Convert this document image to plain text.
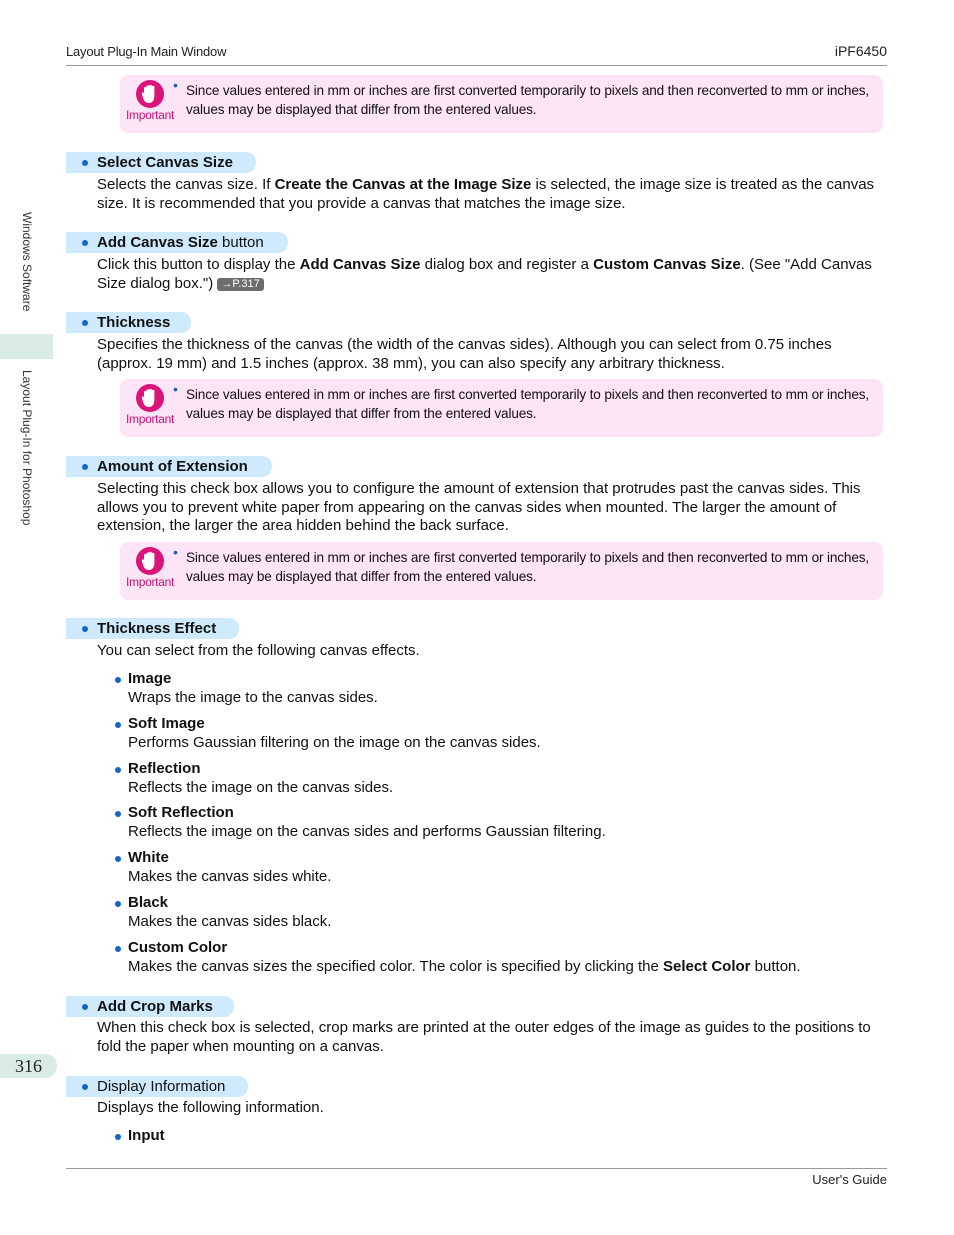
Layout Plug-In Main Window	iPF6450
Windows Software
Layout Plug-In for Photoshop
316
User's Guide
Important
• Since values entered in mm or inches are first converted temporarily to pixels and then reconverted to mm or inches, values may be displayed that differ from the entered values.
Select Canvas Size
Selects the canvas size. If Create the Canvas at the Image Size is selected, the image size is treated as the canvas size. It is recommended that you provide a canvas that matches the image size.
Add Canvas Size button
Click this button to display the Add Canvas Size dialog box and register a Custom Canvas Size. (See "Add Canvas Size dialog box.") →P.317
Thickness
Specifies the thickness of the canvas (the width of the canvas sides). Although you can select from 0.75 inches (approx. 19 mm) and 1.5 inches (approx. 38 mm), you can also specify any arbitrary thickness.
Important
• Since values entered in mm or inches are first converted temporarily to pixels and then reconverted to mm or inches, values may be displayed that differ from the entered values.
Amount of Extension
Selecting this check box allows you to configure the amount of extension that protrudes past the canvas sides. This allows you to prevent white paper from appearing on the canvas sides when mounted. The larger the amount of extension, the larger the area hidden behind the back surface.
Important
• Since values entered in mm or inches are first converted temporarily to pixels and then reconverted to mm or inches, values may be displayed that differ from the entered values.
Thickness Effect
You can select from the following canvas effects.
Image
Wraps the image to the canvas sides.
Soft Image
Performs Gaussian filtering on the image on the canvas sides.
Reflection
Reflects the image on the canvas sides.
Soft Reflection
Reflects the image on the canvas sides and performs Gaussian filtering.
White
Makes the canvas sides white.
Black
Makes the canvas sides black.
Custom Color
Makes the canvas sizes the specified color. The color is specified by clicking the Select Color button.
Add Crop Marks
When this check box is selected, crop marks are printed at the outer edges of the image as guides to the positions to fold the paper when mounting on a canvas.
Display Information
Displays the following information.
Input
